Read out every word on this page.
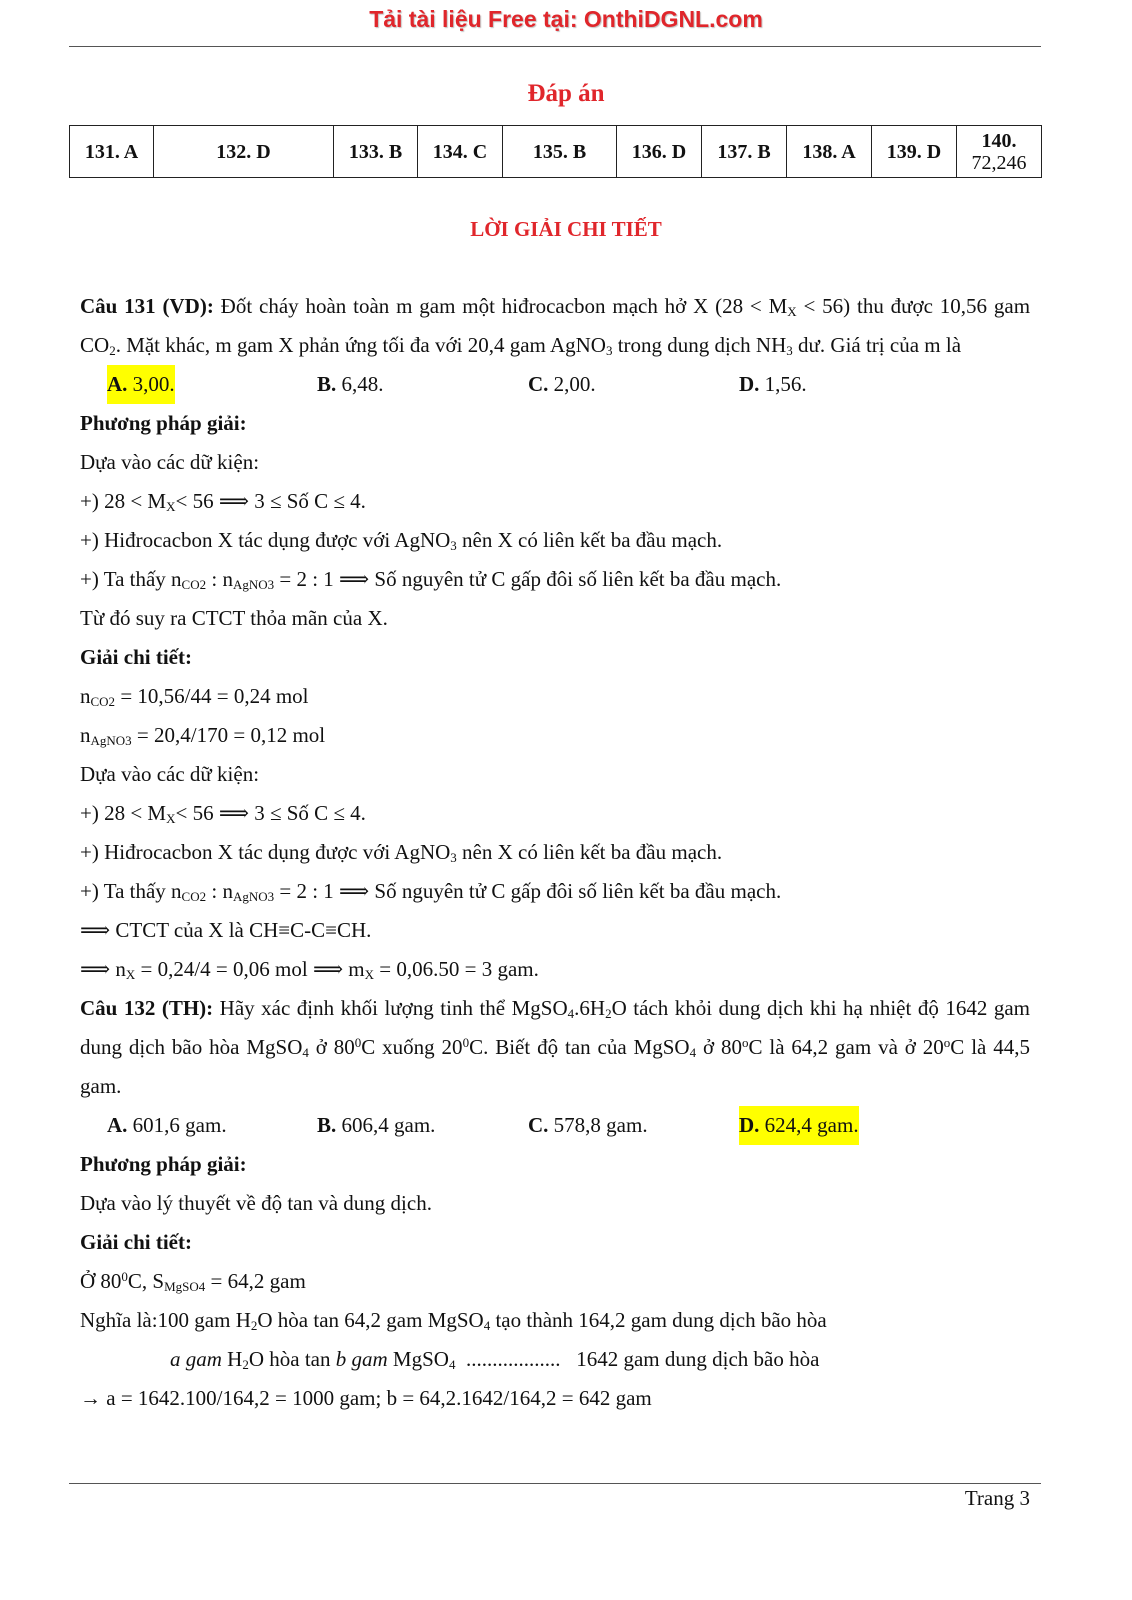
Tải tài liệu Free tại: OnthiDGNL.com
Đáp án
131. A	132. D	133. B	134. C	135. B	136. D	137. B	138. A	139. D	140.
72,246
LỜI GIẢI CHI TIẾT

Câu 131 (VD): Đốt cháy hoàn toàn m gam một hiđrocacbon mạch hở X $(28 < M_X < 56)$ thu được 10,56 gam $CO_2$. Mặt khác, m gam X phản ứng tối đa với 20,4 gam AgNO$_3$ trong dung dịch $NH_3$ dư. Giá trị của m là

A. 3,00.	B. 6,48.	C. 2,00.	D. 1,56.

Phương pháp giải:

Dựa vào các dữ kiện:

+) $28 < M_X< 56$ ⟹ 3 ≤ Số C ≤ 4.

+) Hiđrocacbon X tác dụng được với AgNO$_3$ nên X có liên kết ba đầu mạch.

+) Ta thấy $n_{CO2}$ : $n_{AgNO3} = 2$ : 1 ⟹ Số nguyên tử C gấp đôi số liên kết ba đầu mạch.

Từ đó suy ra CTCT thỏa mãn của X.

Giải chi tiết:

$n_{CO2} = 10,56/44 = 0,24$ mol

$n_{AgNO3} = 20,4/170 = 0,12$ mol

Dựa vào các dữ kiện:

+) $28 < M_X< 56$ ⟹ 3 ≤ Số C ≤ 4.

+) Hiđrocacbon X tác dụng được với AgNO$_3$ nên X có liên kết ba đầu mạch.

+) Ta thấy $n_{CO2}$ : $n_{AgNO3} = 2$ : 1 ⟹ Số nguyên tử C gấp đôi số liên kết ba đầu mạch.

⟹ CTCT của X là CH≡C-C≡CH.

⟹ $n_X = 0,24/4 = 0,06$ mol ⟹ $m_X = 0,06.50 = 3$ gam.

Câu 132 (TH): Hãy xác định khối lượng tinh thể $MgSO_4.6H_2O$ tách khỏi dung dịch khi hạ nhiệt độ 1642 gam dung dịch bão hòa MgSO$_4$ ở $80^0C$ xuống $20^0C$. Biết độ tan của MgSO$_4$ ở 80$^o$C là 64,2 gam và ở 20$^o$C là 44,5 gam.

A. 601,6 gam.	B. 606,4 gam.	C. 578,8 gam.	D. 624,4 gam.

Phương pháp giải:

Dựa vào lý thuyết về độ tan và dung dịch.

Giải chi tiết:

Ở $80^0C$, $S_{MgSO4} = 64,2$ gam

Nghĩa là:100 gam $H_2O$ hòa tan 64,2 gam MgSO$_4$ tạo thành 164,2 gam dung dịch bão hòa

a gam $H_2O$ hòa tan b gam MgSO$_4$  ..................   1642 gam dung dịch bão hòa

→ a = 1642.100/164,2 = 1000 gam; b = 64,2.1642/164,2 = 642 gam

Trang 3
